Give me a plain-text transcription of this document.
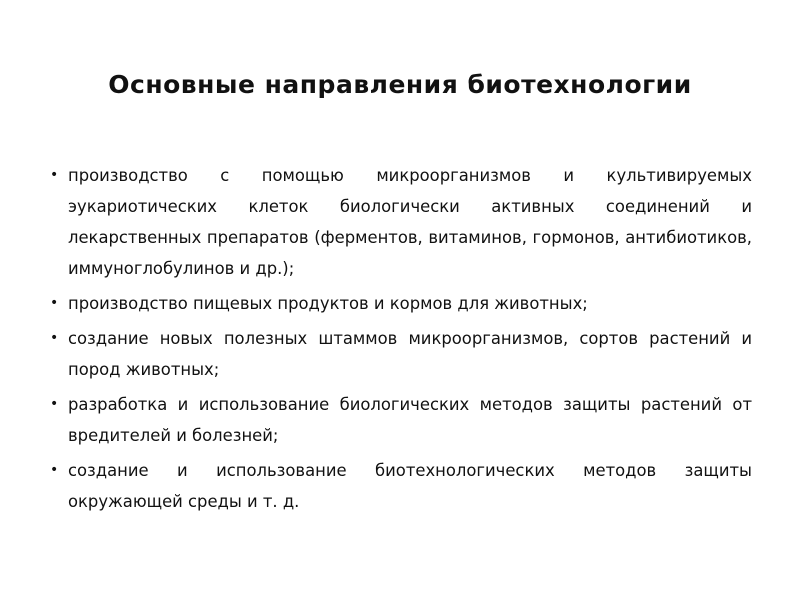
Основные направления биотехнологии
• производство с помощью микроорганизмов и культивируемых эукариотических клеток биологически активных соединений и лекарственных препаратов (ферментов, витаминов, гормонов, антибиотиков, иммуноглобулинов и др.);
• производство пищевых продуктов и кормов для животных;
• создание новых полезных штаммов микроорганизмов, сортов растений и пород животных;
• разработка и использование биологических методов защиты растений от вредителей и болезней;
• создание и использование биотехнологических методов защиты окружающей среды и т. д.
